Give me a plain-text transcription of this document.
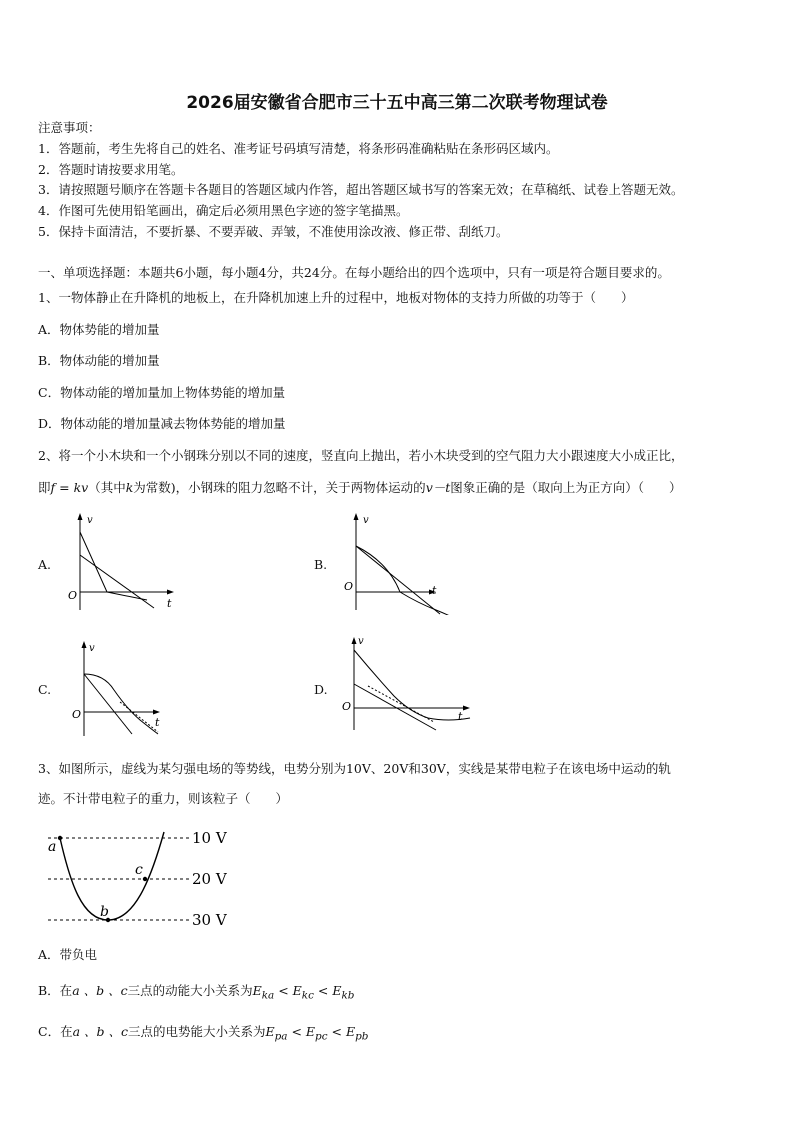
2026届安徽省合肥市三十五中高三第二次联考物理试卷
注意事项：
1．答题前，考生先将自己的姓名、准考证号码填写清楚，将条形码准确粘贴在条形码区域内。
2．答题时请按要求用笔。
3．请按照题号顺序在答题卡各题目的答题区域内作答，超出答题区域书写的答案无效；在草稿纸、试卷上答题无效。
4．作图可先使用铅笔画出，确定后必须用黑色字迹的签字笔描黑。
5．保持卡面清洁，不要折暴、不要弄破、弄皱，不准使用涂改液、修正带、刮纸刀。
一、单项选择题：本题共6小题，每小题4分，共24分。在每小题给出的四个选项中，只有一项是符合题目要求的。
1、一物体静止在升降机的地板上，在升降机加速上升的过程中，地板对物体的支持力所做的功等于（　　）
A．物体势能的增加量
B．物体动能的增加量
C．物体动能的增加量加上物体势能的增加量
D．物体动能的增加量减去物体势能的增加量
2、将一个小木块和一个小钢珠分别以不同的速度，竖直向上抛出，若小木块受到的空气阻力大小跟速度大小成正比，
即f = kv（其中k为常数)，小钢珠的阻力忽略不计，关于两物体运动的v－t图象正确的是（取向上为正方向）（　　）
A.	B.
C.	D.
v
O
t
v
O	t
v
O
t
v
O
t
3、如图所示，虚线为某匀强电场的等势线，电势分别为10V、20V和30V，实线是某带电粒子在该电场中运动的轨
迹。不计带电粒子的重力，则该粒子（　　）
a
b
c
10 V
20 V
30 V
A．带负电
B．在a 、b 、c三点的动能大小关系为$E_{ka} < E_{kc} < E_{kb}$
C．在a 、b 、c三点的电势能大小关系为$E_{pa} < E_{pc} < E_{pb}$
